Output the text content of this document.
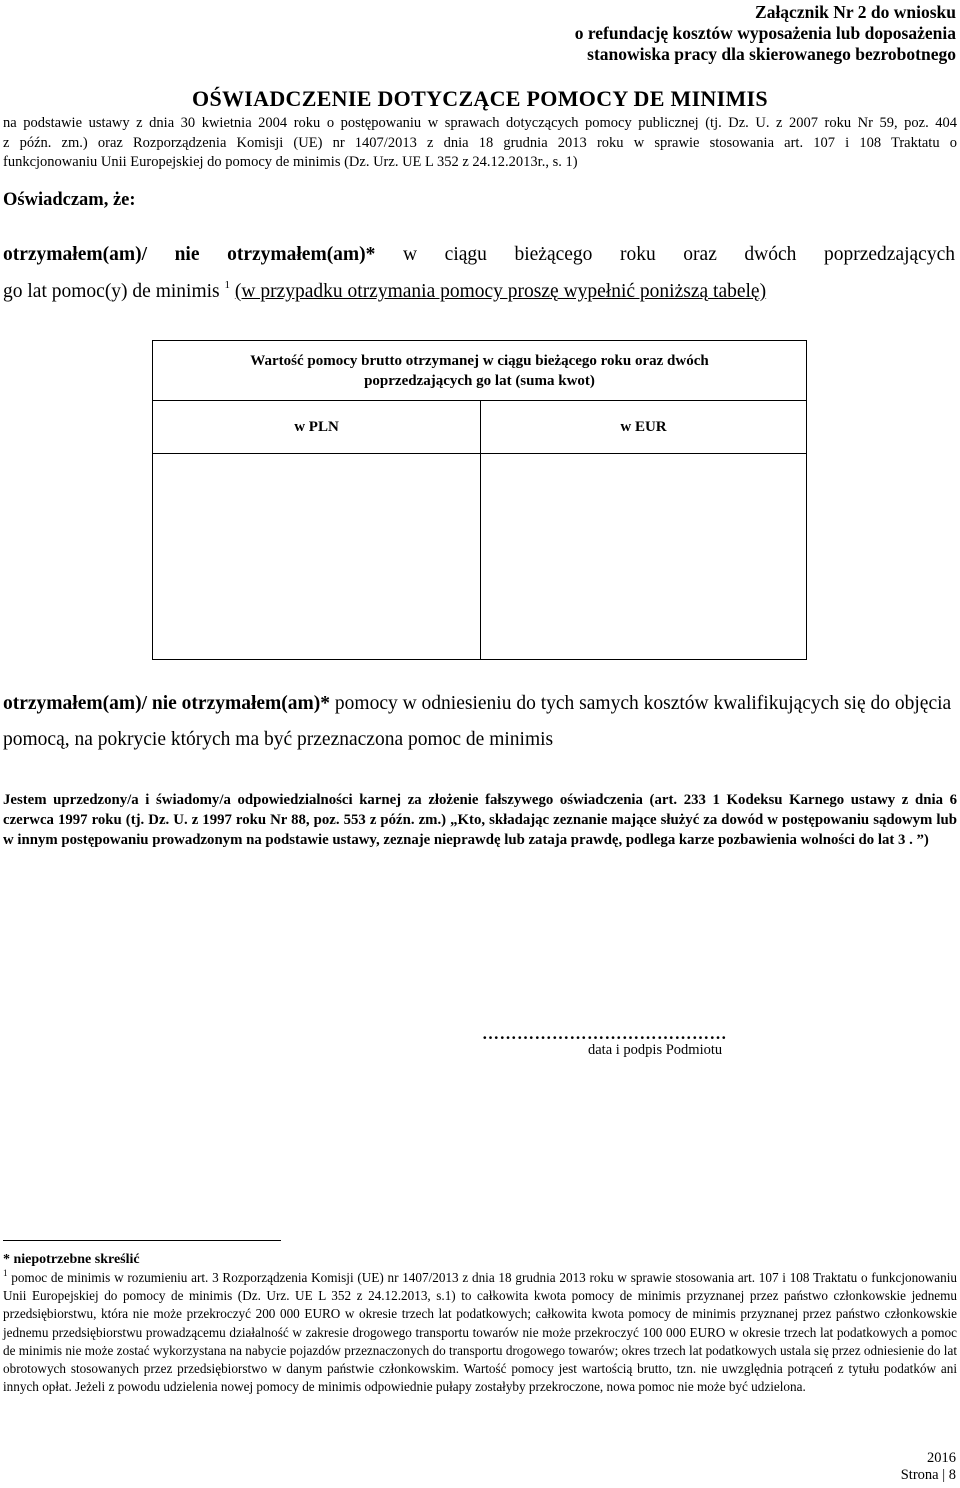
Załącznik Nr 2 do wniosku
o refundację kosztów wyposażenia lub doposażenia
stanowiska pracy dla skierowanego bezrobotnego
OŚWIADCZENIE DOTYCZĄCE POMOCY DE MINIMIS
na podstawie ustawy z dnia 30 kwietnia 2004 roku o postępowaniu w sprawach dotyczących pomocy publicznej (tj. Dz. U. z 2007 roku Nr 59, poz. 404
z późn. zm.) oraz Rozporządzenia Komisji (UE) nr 1407/2013 z dnia 18 grudnia 2013 roku w sprawie stosowania art. 107 i 108 Traktatu o
funkcjonowaniu Unii Europejskiej do pomocy de minimis (Dz. Urz. UE L 352 z 24.12.2013r., s. 1)
Oświadczam, że:
otrzymałem(am)/ nie otrzymałem(am)* w ciągu bieżącego roku oraz dwóch poprzedzających
go lat pomoc(y) de minimis $^1$ (w przypadku otrzymania pomocy proszę wypełnić poniższą tabelę)
Wartość pomocy brutto otrzymanej w ciągu bieżącego roku oraz dwóch
poprzedzających go lat (suma kwot)
w PLN	w EUR
otrzymałem(am)/ nie otrzymałem(am)* pomocy w odniesieniu do tych samych kosztów kwalifikujących się do objęcia pomocą, na pokrycie których ma być przeznaczona pomoc de minimis
Jestem uprzedzony/a i świadomy/a odpowiedzialności karnej za złożenie fałszywego oświadczenia (art. 233 1 Kodeksu Karnego ustawy z dnia 6 czerwca 1997 roku (tj. Dz. U. z 1997 roku Nr 88, poz. 553 z późn. zm.) „Kto, składając zeznanie mające służyć za dowód w postępowaniu sądowym lub w innym postępowaniu prowadzonym na podstawie ustawy, zeznaje nieprawdę lub zataja prawdę, podlega karze pozbawienia wolności do lat 3 . ”)
……………………………………
data i podpis Podmiotu
* niepotrzebne skreślić
$^1$ pomoc de minimis w rozumieniu art. 3 Rozporządzenia Komisji (UE) nr 1407/2013 z dnia 18 grudnia 2013 roku w sprawie stosowania art. 107 i 108 Traktatu o funkcjonowaniu Unii Europejskiej do pomocy de minimis (Dz. Urz. UE L 352 z 24.12.2013, s.1) to całkowita kwota pomocy de minimis przyznanej przez państwo członkowskie jednemu przedsiębiorstwu, która nie może przekroczyć 200 000 EURO w okresie trzech lat podatkowych; całkowita kwota pomocy de minimis przyznanej przez państwo członkowskie jednemu przedsiębiorstwu prowadzącemu działalność w zakresie drogowego transportu towarów nie może przekroczyć 100 000 EURO w okresie trzech lat podatkowych a pomoc de minimis nie może zostać wykorzystana na nabycie pojazdów przeznaczonych do transportu drogowego towarów; okres trzech lat podatkowych ustala się przez odniesienie do lat obrotowych stosowanych przez przedsiębiorstwo w danym państwie członkowskim. Wartość pomocy jest wartością brutto, tzn. nie uwzględnia potrąceń z tytułu podatków ani innych opłat. Jeżeli z powodu udzielenia nowej pomocy de minimis odpowiednie pułapy zostałyby przekroczone, nowa pomoc nie może być udzielona.
2016
Strona | 8
